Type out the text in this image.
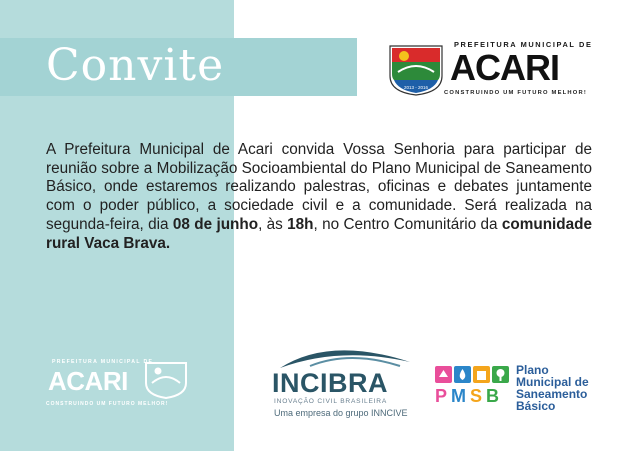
Convite	2013 - 2016
PREFEITURA MUNICIPAL DE
ACARI
CONSTRUINDO UM FUTURO MELHOR!
A Prefeitura Municipal de Acari convida Vossa Senhoria para participar de reunião sobre a Mobilização Socioambiental do Plano Municipal de Saneamento Básico, onde estaremos realizando palestras, oficinas e debates juntamente com o poder público, a sociedade civil e a comunidade. Será realizada na segunda-feira, dia 08 de junho, às 18h, no Centro Comunitário da comunidade rural Vaca Brava.
PREFEITURA MUNICIPAL DE
ACARI
CONSTRUINDO UM FUTURO MELHOR!
INCIBRA
INOVAÇÃO CIVIL BRASILEIRA
Uma empresa do grupo INNCIVE
PMSB
Plano
Municipal de
Saneamento
Básico
